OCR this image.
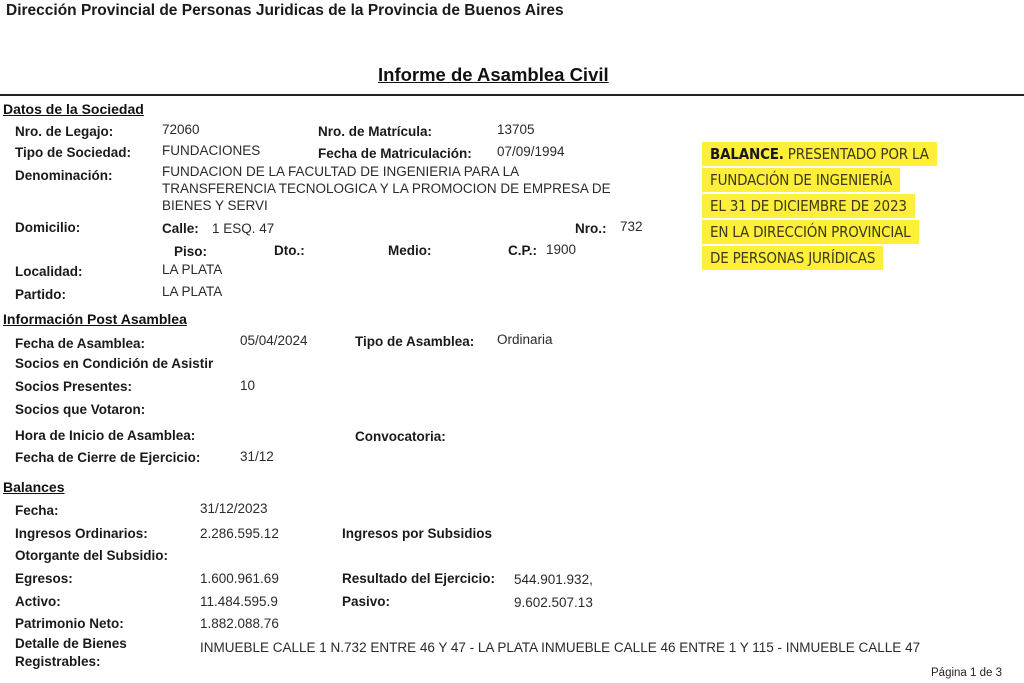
Dirección Provincial de Personas Juridicas de la Provincia de Buenos Aires
Informe de Asamblea Civil
Datos de la Sociedad
Nro. de Legajo:	72060	Nro. de Matrícula:	13705
Tipo de Sociedad: FUNDACIONES	Fecha de Matriculación: 07/09/1994
Denominación:	FUNDACION DE LA FACULTAD DE INGENIERIA PARA LA
TRANSFERENCIA TECNOLOGICA Y LA PROMOCION DE EMPRESA DE
BIENES Y SERVI
Domicilio:	Calle: 1 ESQ. 47	Nro.: 732
Piso:	Dto.:	Medio:	C.P.: 1900
Localidad:	LA PLATA
Partido:	LA PLATA
BALANCE. PRESENTADO POR LA
FUNDACIÓN DE INGENIERÍA
EL 31 DE DICIEMBRE DE 2023
EN LA DIRECCIÓN PROVINCIAL
DE PERSONAS JURÍDICAS
Información Post Asamblea
Fecha de Asamblea:	05/04/2024	Tipo de Asamblea: Ordinaria
Socios en Condición de Asistir
Socios Presentes:	10
Socios que Votaron:
Hora de Inicio de Asamblea:	Convocatoria:
Fecha de Cierre de Ejercicio:	31/12
Balances
Fecha:	31/12/2023
Ingresos Ordinarios:	2.286.595.12	Ingresos por Subsidios
Otorgante del Subsidio:
Egresos:	1.600.961.69	Resultado del Ejercicio: 544.901.932,
Activo:	11.484.595.9	Pasivo:	9.602.507.13
Patrimonio Neto:	1.882.088.76
Detalle de Bienes
Registrables:
INMUEBLE CALLE 1 N.732 ENTRE 46 Y 47 - LA PLATA INMUEBLE CALLE 46 ENTRE 1 Y 115 - INMUEBLE CALLE 47
Página 1 de 3
